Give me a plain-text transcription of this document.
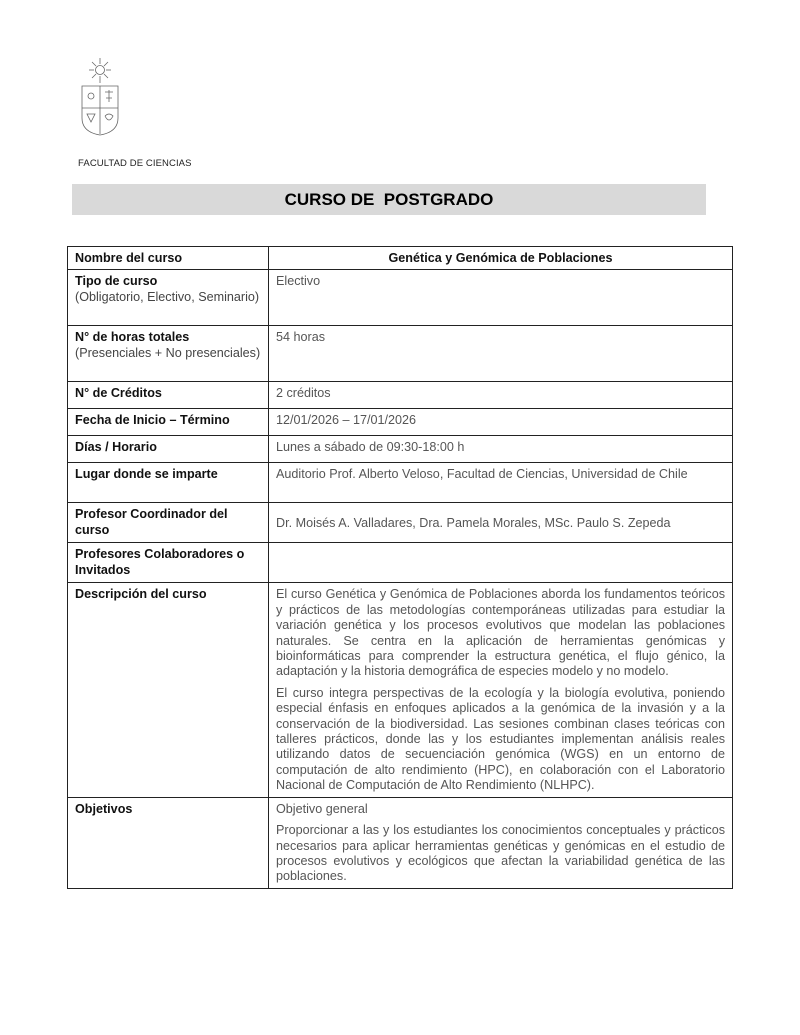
FACULTAD DE CIENCIAS
CURSO DE  POSTGRADO
Nombre del curso	Genética y Genómica de Poblaciones
Tipo de curso
(Obligatorio, Electivo, Seminario)	Electivo
N° de horas totales
(Presenciales + No presenciales)	54 horas
N° de Créditos	2 créditos
Fecha de Inicio – Término	12/01/2026 – 17/01/2026
Días / Horario	Lunes a sábado de 09:30-18:00 h
Lugar donde se imparte	Auditorio Prof. Alberto Veloso, Facultad de Ciencias, Universidad de Chile
Profesor Coordinador del curso	Dr. Moisés A. Valladares, Dra. Pamela Morales, MSc. Paulo S. Zepeda
Profesores Colaboradores o Invitados	
Descripción del curso	El curso Genética y Genómica de Poblaciones aborda los fundamentos teóricos y prácticos de las metodologías contemporáneas utilizadas para estudiar la variación genética y los procesos evolutivos que modelan las poblaciones naturales. Se centra en la aplicación de herramientas genómicas y bioinformáticas para comprender la estructura genética, el flujo génico, la adaptación y la historia demográfica de especies modelo y no modelo.

El curso integra perspectivas de la ecología y la biología evolutiva, poniendo especial énfasis en enfoques aplicados a la genómica de la invasión y a la conservación de la biodiversidad. Las sesiones combinan clases teóricas con talleres prácticos, donde las y los estudiantes implementan análisis reales utilizando datos de secuenciación genómica (WGS) en un entorno de computación de alto rendimiento (HPC), en colaboración con el Laboratorio Nacional de Computación de Alto Rendimiento (NLHPC).

Objetivos	Objetivo general

Proporcionar a las y los estudiantes los conocimientos conceptuales y prácticos necesarios para aplicar herramientas genéticas y genómicas en el estudio de procesos evolutivos y ecológicos que afectan la variabilidad genética de las poblaciones.
